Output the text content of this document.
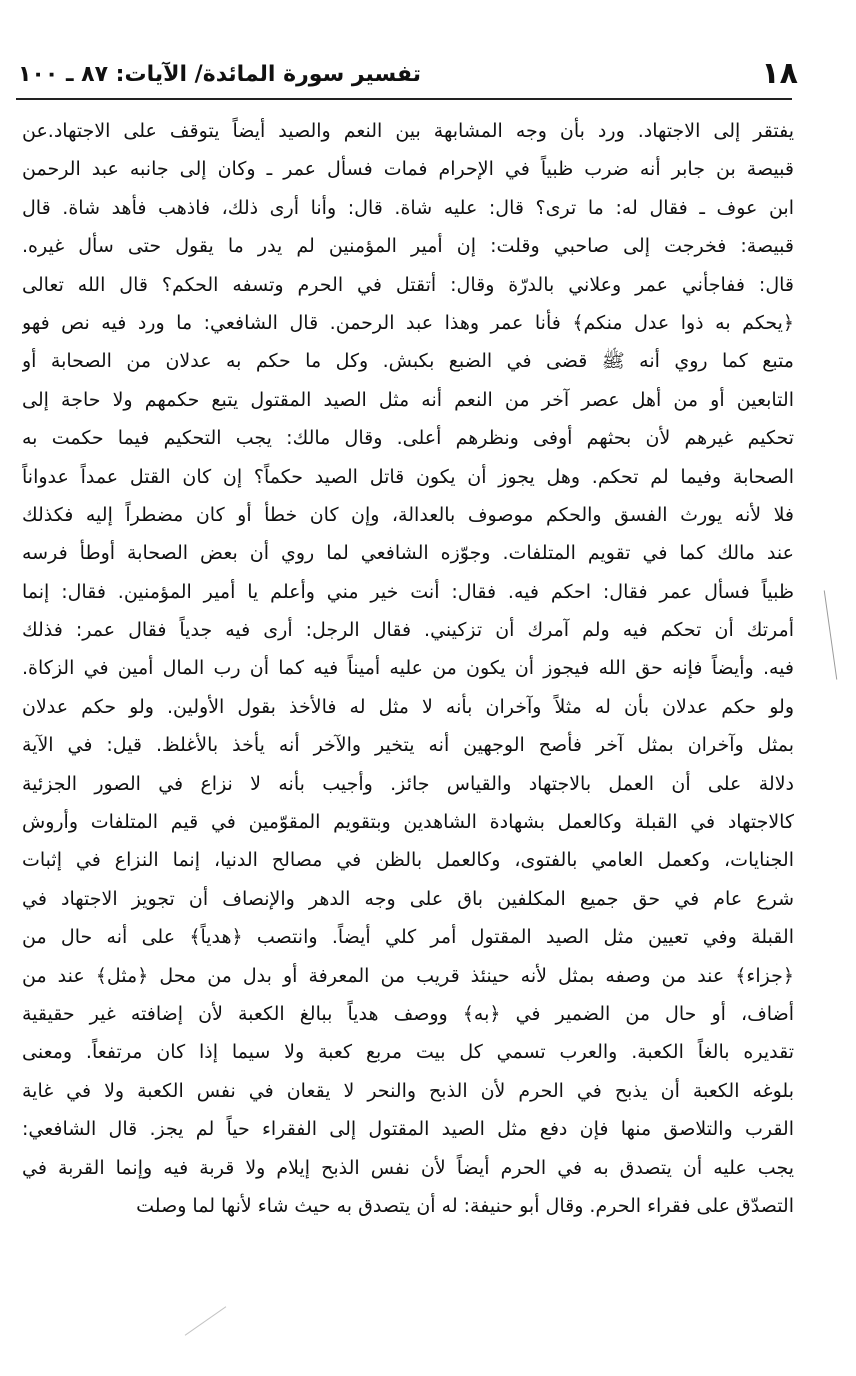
١٨
تفسير سورة المائدة/ الآيات: ٨٧ ـ ١٠٠
يفتقر إلى الاجتهاد. ورد بأن وجه المشابهة بين النعم والصيد أيضاً يتوقف على الاجتهاد.عن
قبيصة بن جابر أنه ضرب ظبياً في الإحرام فمات فسأل عمر ـ وكان إلى جانبه عبد الرحمن
ابن عوف ـ فقال له: ما ترى؟ قال: عليه شاة. قال: وأنا أرى ذلك، فاذهب فأهد شاة. قال
قبيصة: فخرجت إلى صاحبي وقلت: إن أمير المؤمنين لم يدر ما يقول حتى سأل غيره.
قال: ففاجأني عمر وعلاني بالدرّة وقال: أتقتل في الحرم وتسفه الحكم؟ قال الله تعالى
﴿يحكم به ذوا عدل منكم﴾ فأنا عمر وهذا عبد الرحمن. قال الشافعي: ما ورد فيه نص فهو
متبع كما روي أنه ﷺ قضى في الضبع بكبش. وكل ما حكم به عدلان من الصحابة أو
التابعين أو من أهل عصر آخر من النعم أنه مثل الصيد المقتول يتبع حكمهم ولا حاجة إلى
تحكيم غيرهم لأن بحثهم أوفى ونظرهم أعلى. وقال مالك: يجب التحكيم فيما حكمت به
الصحابة وفيما لم تحكم. وهل يجوز أن يكون قاتل الصيد حكماً؟ إن كان القتل عمداً عدواناً
فلا لأنه يورث الفسق والحكم موصوف بالعدالة، وإن كان خطأ أو كان مضطراً إليه فكذلك
عند مالك كما في تقويم المتلفات. وجوّزه الشافعي لما روي أن بعض الصحابة أوطأ فرسه
ظبياً فسأل عمر فقال: احكم فيه. فقال: أنت خير مني وأعلم يا أمير المؤمنين. فقال: إنما
أمرتك أن تحكم فيه ولم آمرك أن تزكيني. فقال الرجل: أرى فيه جدياً فقال عمر: فذلك
فيه. وأيضاً فإنه حق الله فيجوز أن يكون من عليه أميناً فيه كما أن رب المال أمين في الزكاة.
ولو حكم عدلان بأن له مثلاً وآخران بأنه لا مثل له فالأخذ بقول الأولين. ولو حكم عدلان
بمثل وآخران بمثل آخر فأصح الوجهين أنه يتخير والآخر أنه يأخذ بالأغلظ. قيل: في الآية
دلالة على أن العمل بالاجتهاد والقياس جائز. وأجيب بأنه لا نزاع في الصور الجزئية
كالاجتهاد في القبلة وكالعمل بشهادة الشاهدين وبتقويم المقوّمين في قيم المتلفات وأروش
الجنايات، وكعمل العامي بالفتوى، وكالعمل بالظن في مصالح الدنيا، إنما النزاع في إثبات
شرع عام في حق جميع المكلفين باق على وجه الدهر والإنصاف أن تجويز الاجتهاد في
القبلة وفي تعيين مثل الصيد المقتول أمر كلي أيضاً. وانتصب ﴿هدياً﴾ على أنه حال من
﴿جزاء﴾ عند من وصفه بمثل لأنه حينئذ قريب من المعرفة أو بدل من محل ﴿مثل﴾ عند من
أضاف، أو حال من الضمير في ﴿به﴾ ووصف هدياً ببالغ الكعبة لأن إضافته غير حقيقية
تقديره بالغاً الكعبة. والعرب تسمي كل بيت مربع كعبة ولا سيما إذا كان مرتفعاً. ومعنى
بلوغه الكعبة أن يذبح في الحرم لأن الذبح والنحر لا يقعان في نفس الكعبة ولا في غاية
القرب والتلاصق منها فإن دفع مثل الصيد المقتول إلى الفقراء حياً لم يجز. قال الشافعي:
يجب عليه أن يتصدق به في الحرم أيضاً لأن نفس الذبح إيلام ولا قربة فيه وإنما القربة في
التصدّق على فقراء الحرم. وقال أبو حنيفة: له أن يتصدق به حيث شاء لأنها لما وصلت
